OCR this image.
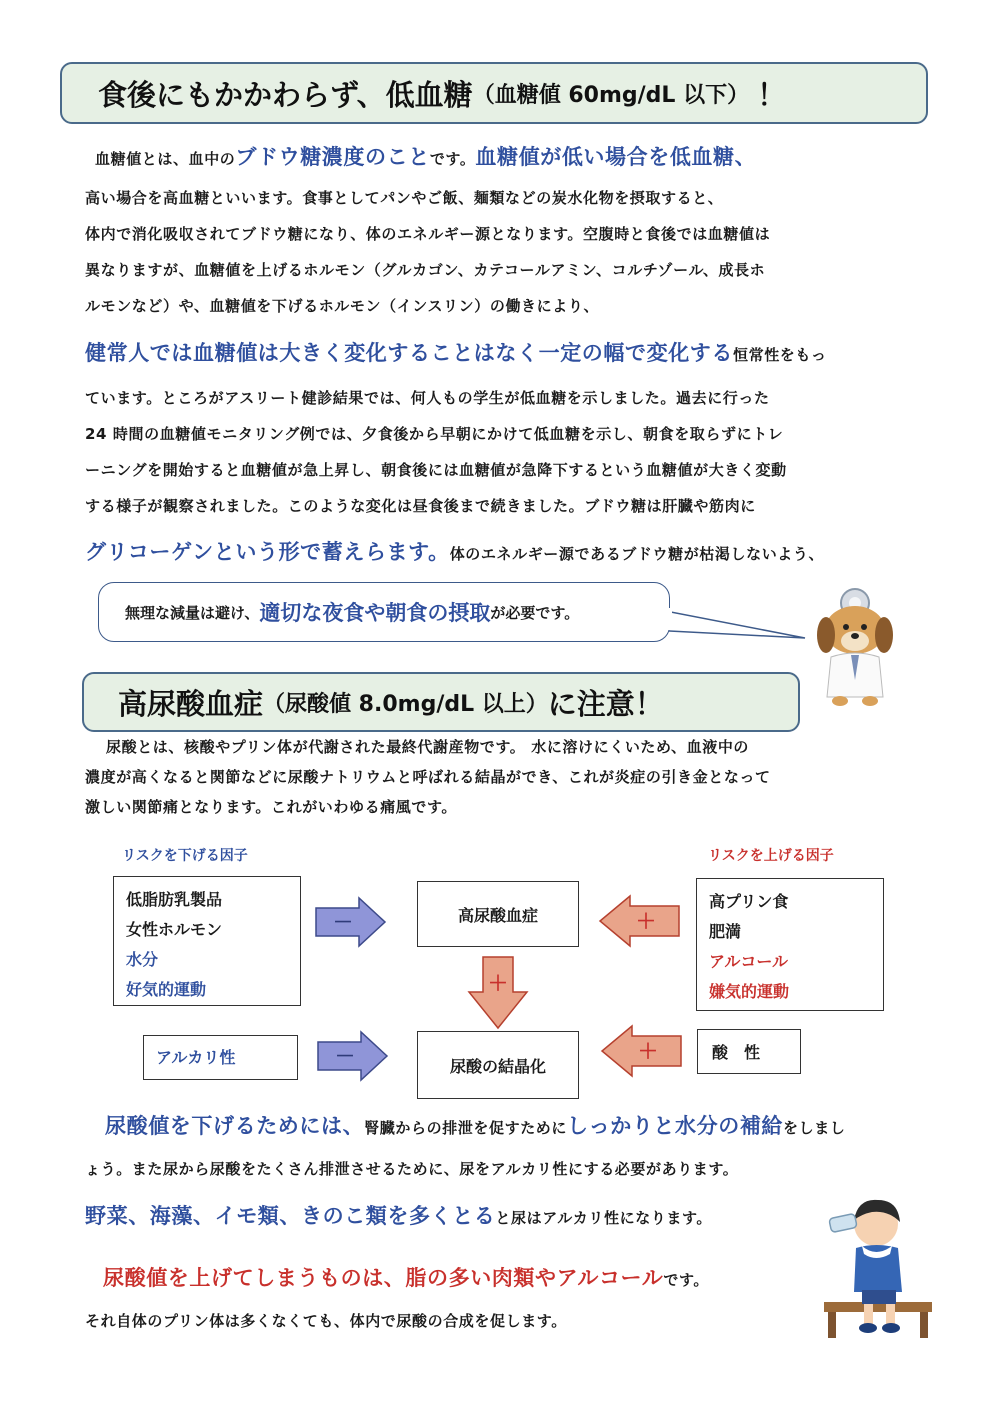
食後にもかかわらず、低血糖 （血糖値 60mg/dL 以下） ！
血糖値とは、血中のブドウ糖濃度のことです。血糖値が低い場合を低血糖、
高い場合を高血糖といいます。食事としてパンやご飯、麺類などの炭水化物を摂取すると、
体内で消化吸収されてブドウ糖になり、体のエネルギー源となります。空腹時と食後では血糖値は
異なりますが、血糖値を上げるホルモン（グルカゴン、カテコールアミン、コルチゾール、成長ホ
ルモンなど）や、血糖値を下げるホルモン（インスリン）の働きにより、
健常人では血糖値は大きく変化することはなく一定の幅で変化する恒常性をもっ
ています。ところがアスリート健診結果では、何人もの学生が低血糖を示しました。過去に行った
24 時間の血糖値モニタリング例では、夕食後から早朝にかけて低血糖を示し、朝食を取らずにトレ
ーニングを開始すると血糖値が急上昇し、朝食後には血糖値が急降下するという血糖値が大きく変動
する様子が観察されました。このような変化は昼食後まで続きました。ブドウ糖は肝臓や筋肉に
グリコーゲンという形で蓄えらます。体のエネルギー源であるブドウ糖が枯渇しないよう、
無理な減量は避け、 適切な夜食や朝食の摂取 が必要です。
高尿酸血症 （尿酸値 8.0mg/dL 以上） に注意！
尿酸とは、核酸やプリン体が代謝された最終代謝産物です。 水に溶けにくいため、血液中の
濃度が高くなると関節などに尿酸ナトリウムと呼ばれる結晶ができ、これが炎症の引き金となって
激しい関節痛となります。これがいわゆる痛風です。
リスクを下げる因子	リスクを上げる因子
低脂肪乳製品
女性ホルモン
水分
好気的運動
高プリン食
肥満
アルコール
嫌気的運動
高尿酸血症
尿酸の結晶化
アルカリ性	酸　性
－
－
＋
＋
＋
尿酸値を下げるためには、腎臓からの排泄を促すためにしっかりと水分の補給をしまし
ょう。また尿から尿酸をたくさん排泄させるために、尿をアルカリ性にする必要があります。
野菜、海藻、イモ類、きのこ類を多くとると尿はアルカリ性になります。
尿酸値を上げてしまうものは、脂の多い肉類やアルコールです。
それ自体のプリン体は多くなくても、体内で尿酸の合成を促します。
